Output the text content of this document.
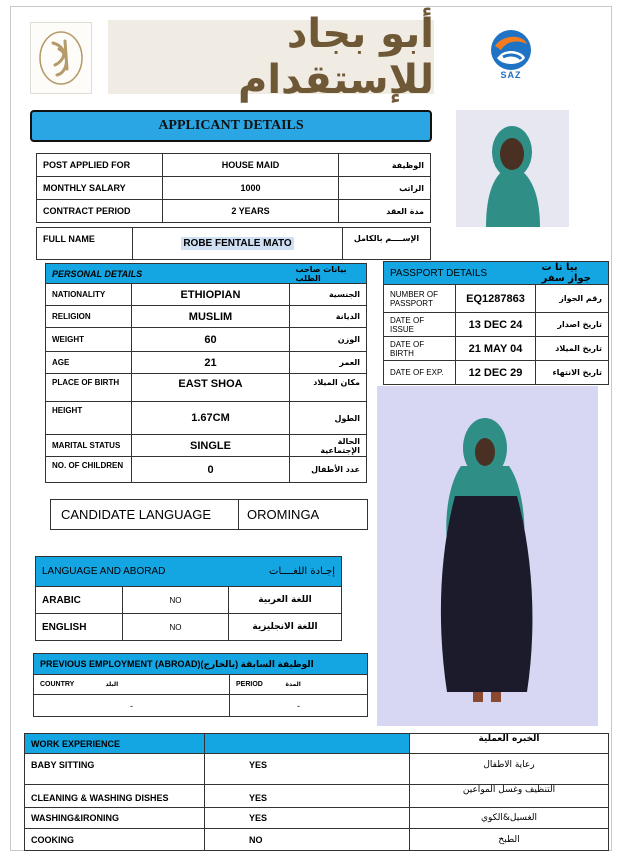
أبو بجاد للإستقدام	SAZ
APPLICANT DETAILS
POST APPLIED FOR	HOUSE MAID	الوظيفة
MONTHLY SALARY	1000	الراتب
CONTRACT PERIOD	2 YEARS	مدة العقد
FULL NAME	ROBE FENTALE MATO	الإســــم بالكامل
PERSONAL DETAILS		بيانات صاحب الطلب
NATIONALITY	ETHIOPIAN	الجنسية
RELIGION	MUSLIM	الديانة
WEIGHT	60	الوزن
AGE	21	العمر
PLACE OF BIRTH	EAST SHOA	مكان الميلاد
HEIGHT	1.67CM	الطول
MARITAL STATUS	SINGLE	الحالة الإجتماعية
NO. OF CHILDREN	0	عدد الأطفال
PASSPORT DETAILS		بيا نا ت جواز سفر
NUMBER OF PASSPORT	EQ1287863	رقم الجواز
DATE OF ISSUE	13 DEC 24	تاريخ اصدار
DATE OF BIRTH	21 MAY 04	تاريخ الميلاد
DATE OF EXP.	12 DEC 29	تاريخ الانتهاء
CANDIDATE LANGUAGE	OROMINGA
LANGUAGE AND ABORAD		إجـادة اللغــــات
ARABIC	NO	اللغة العربية
ENGLISH	NO	اللغة الانجليزية
PREVIOUS EMPLOYMENT (ABROAD)(الوظيفة السابقة (بالخارج			
COUNTRY	البلد	PERIOD	المدة
-		-	
WORK EXPERIENCE		الخبره العملية
BABY SITTING	YES	رعاية الاطفال
CLEANING & WASHING DISHES	YES	التنظيف وغسل المواعين
WASHING&IRONING	YES	الغسيل&الكوي
COOKING	NO	الطبخ
